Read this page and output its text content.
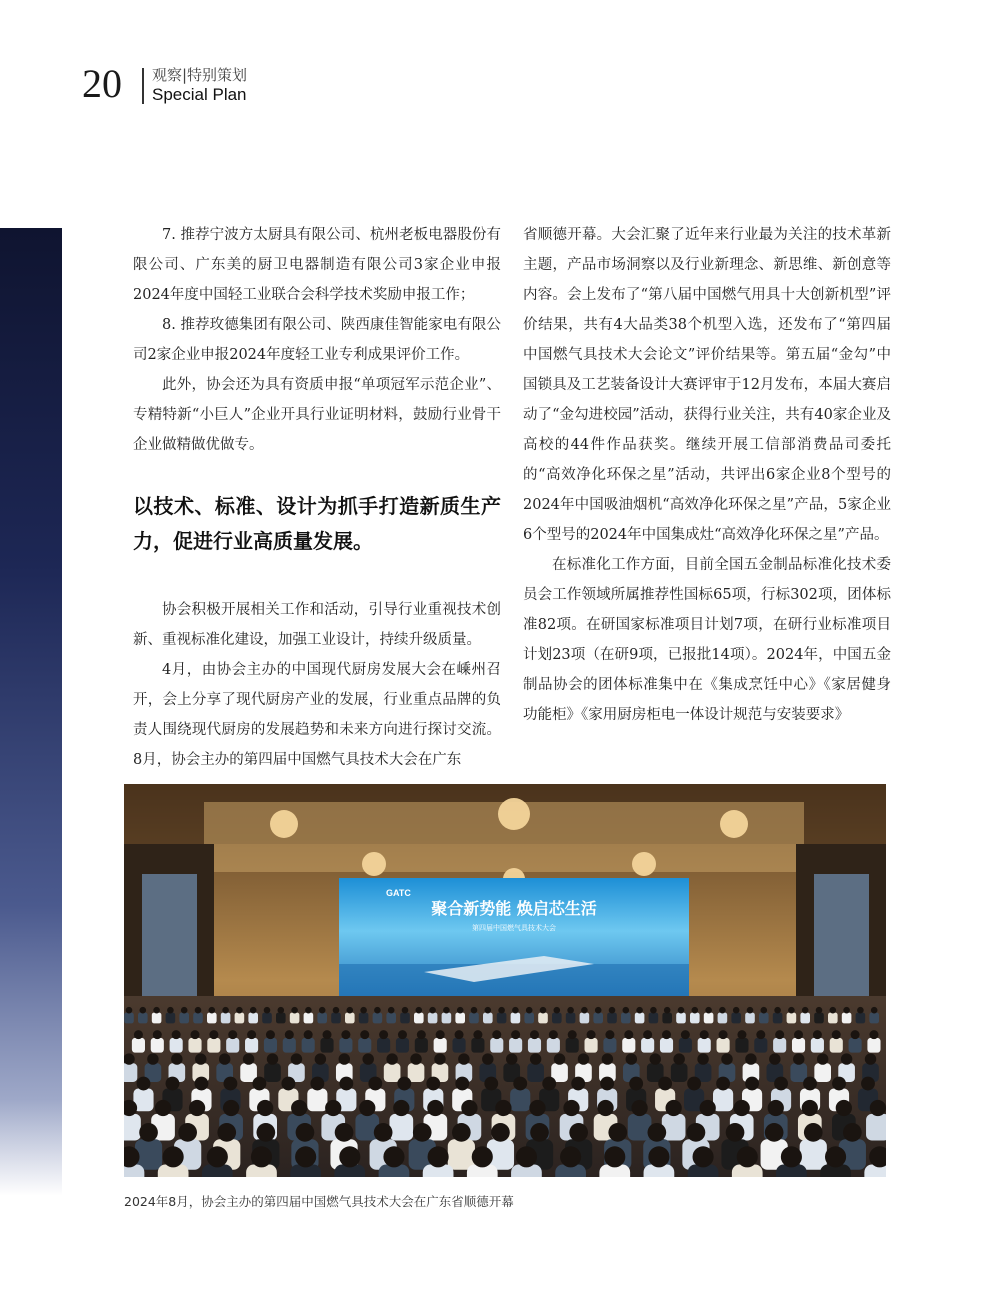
20 观察|特别策划
Special Plan

7. 推荐宁波方太厨具有限公司、杭州老板电器股份有限公司、广东美的厨卫电器制造有限公司3家企业申报2024年度中国轻工业联合会科学技术奖励申报工作；

8. 推荐玫德集团有限公司、陕西康佳智能家电有限公司2家企业申报2024年度轻工业专利成果评价工作。

此外，协会还为具有资质申报“单项冠军示范企业”、专精特新“小巨人”企业开具行业证明材料，鼓励行业骨干企业做精做优做专。

以技术、标准、设计为抓手打造新质生产力，促进行业高质量发展。

协会积极开展相关工作和活动，引导行业重视技术创新、重视标准化建设，加强工业设计，持续升级质量。

4月，由协会主办的中国现代厨房发展大会在嵊州召开，会上分享了现代厨房产业的发展，行业重点品牌的负责人围绕现代厨房的发展趋势和未来方向进行探讨交流。8月，协会主办的第四届中国燃气具技术大会在广东

省顺德开幕。大会汇聚了近年来行业最为关注的技术革新主题，产品市场洞察以及行业新理念、新思维、新创意等内容。会上发布了“第八届中国燃气用具十大创新机型”评价结果，共有4大品类38个机型入选，还发布了“第四届中国燃气具技术大会论文”评价结果等。第五届“金勾”中国锁具及工艺装备设计大赛评审于12月发布，本届大赛启动了“金勾进校园”活动，获得行业关注，共有40家企业及高校的44件作品获奖。继续开展工信部消费品司委托的“高效净化环保之星”活动，共评出6家企业8个型号的2024年中国吸油烟机“高效净化环保之星”产品，5家企业6个型号的2024年中国集成灶“高效净化环保之星”产品。

在标准化工作方面，目前全国五金制品标准化技术委员会工作领域所属推荐性国标65项，行标302项，团体标准82项。在研国家标准项目计划7项，在研行业标准项目计划23项（在研9项，已报批14项）。2024年，中国五金制品协会的团体标准集中在《集成烹饪中心》《家居健身功能柜》《家用厨房柜电一体设计规范与安装要求》

GATC
聚合新势能 焕启芯生活
第四届中国燃气具技术大会
2024年8月，协会主办的第四届中国燃气具技术大会在广东省顺德开幕
